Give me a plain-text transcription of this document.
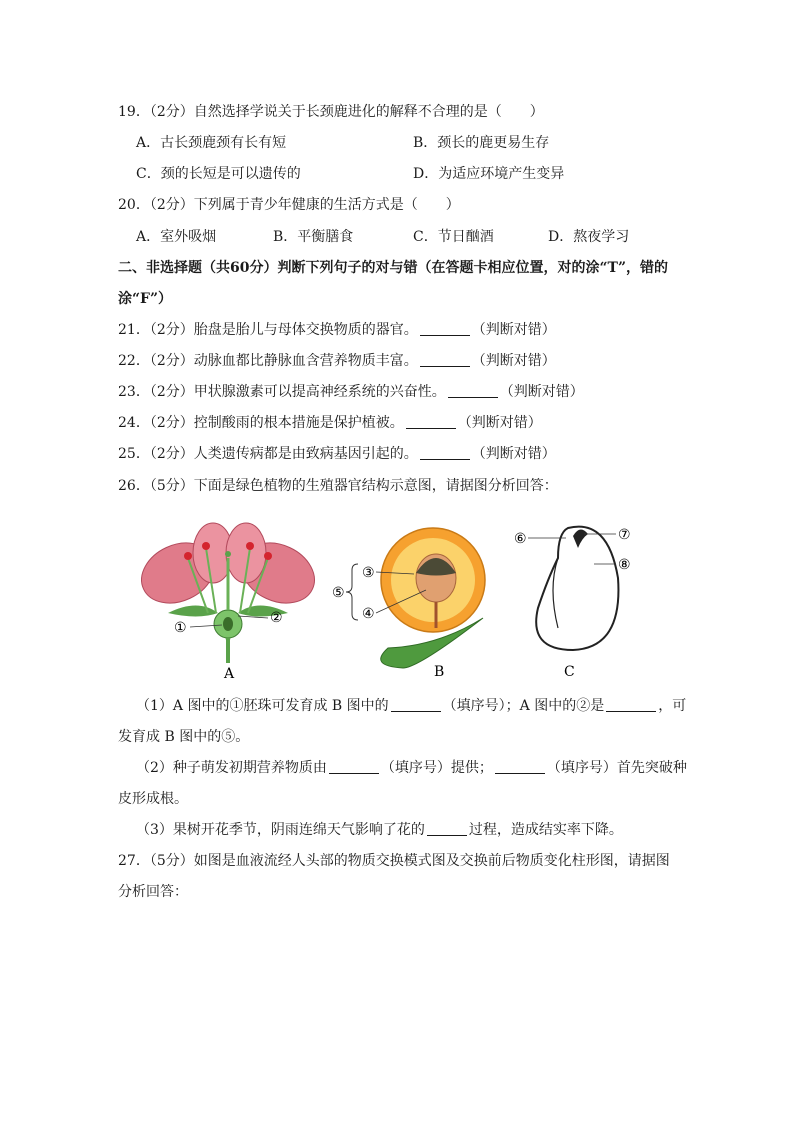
19．（2分）自然选择学说关于长颈鹿进化的解释不合理的是（　　）
A．古长颈鹿颈有长有短	B．颈长的鹿更易生存
C．颈的长短是可以遗传的	D．为适应环境产生变异
20．（2分）下列属于青少年健康的生活方式是（　　）
A．室外吸烟	B．平衡膳食	C．节日酗酒	D．熬夜学习
二、非选择题（共60分）判断下列句子的对与错（在答题卡相应位置，对的涂“T”，错的
涂“F”）
21．（2分）胎盘是胎儿与母体交换物质的器官。	（判断对错）
22．（2分）动脉血都比静脉血含营养物质丰富。	（判断对错）
23．（2分）甲状腺激素可以提高神经系统的兴奋性。	（判断对错）
24．（2分）控制酸雨的根本措施是保护植被。	（判断对错）
25．（2分）人类遗传病都是由致病基因引起的。	（判断对错）
26．（5分）下面是绿色植物的生殖器官结构示意图，请据图分析回答：
①
②
A
③
④
⑤
B
⑥	⑦
⑧
C
（1）A 图中的①胚珠可发育成 B 图中的	（填序号）；A 图中的②是	，可
发育成 B 图中的⑤。
（2）种子萌发初期营养物质由	（填序号）提供；	（填序号）首先突破种
皮形成根。
（3）果树开花季节，阴雨连绵天气影响了花的	过程，造成结实率下降。
27．（5分）如图是血液流经人头部的物质交换模式图及交换前后物质变化柱形图，请据图
分析回答：
